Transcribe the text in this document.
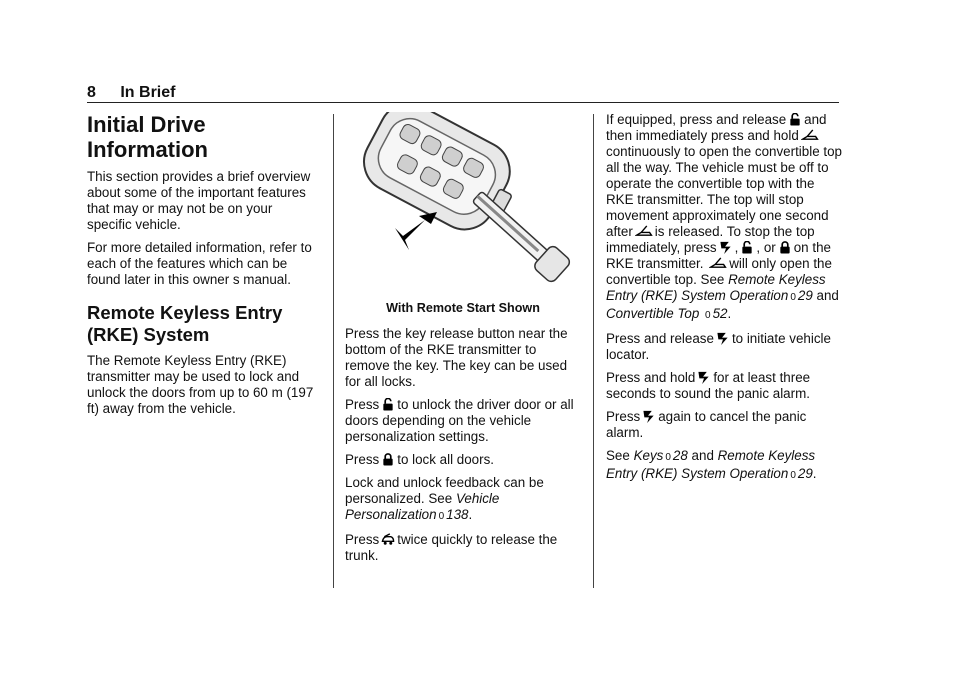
8 In Brief
Initial Drive
Information

This section provides a brief overview about some of the important features that may or may not be on your specific vehicle.

For more detailed information, refer to each of the features which can be found later in this owner s manual.

Remote Keyless Entry
(RKE) System

The Remote Keyless Entry (RKE) transmitter may be used to lock and unlock the doors from up to 60 m (197 ft) away from the vehicle.

With Remote Start Shown

Press the key release button near the bottom of the RKE transmitter to remove the key. The key can be used for all locks.

Press to unlock the driver door or all doors depending on the vehicle personalization settings.

Press to lock all doors.

Lock and unlock feedback can be personalized. See Vehicle Personalization 0 138.

Press twice quickly to release the trunk.

If equipped, press and release and then immediately press and holdcontinuously to open the convertible top all the way. The vehicle must be off to operate the convertible top with the RKE transmitter. The top will stop movement approximately one second after is released. To stop the top immediately, press , , or on the RKE transmitter. will only open the convertible top. See Remote Keyless Entry (RKE) System Operation 0 29 and Convertible Top 0 52.

Press and release to initiate vehicle locator.

Press and hold for at least three seconds to sound the panic alarm.

Press again to cancel the panic alarm.

See Keys 0 28 and Remote Keyless Entry (RKE) System Operation 0 29.
